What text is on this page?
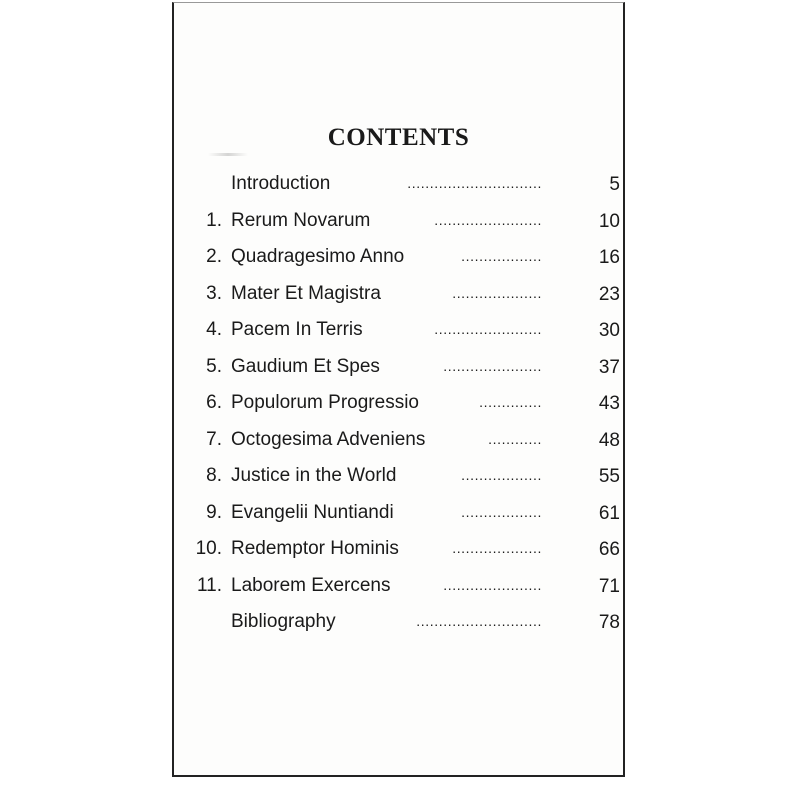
CONTENTS
Introduction	..............................	5
1. Rerum Novarum	........................	10
2. Quadragesimo Anno	..................	16
3. Mater Et Magistra	....................	23
4. Pacem In Terris	........................	30
5. Gaudium Et Spes	......................	37
6. Populorum Progressio	..............	43
7. Octogesima Adveniens	............	48
8. Justice in the World	..................	55
9. Evangelii Nuntiandi	..................	61
10. Redemptor Hominis	....................	66
11. Laborem Exercens	......................	71
Bibliography	............................	78
